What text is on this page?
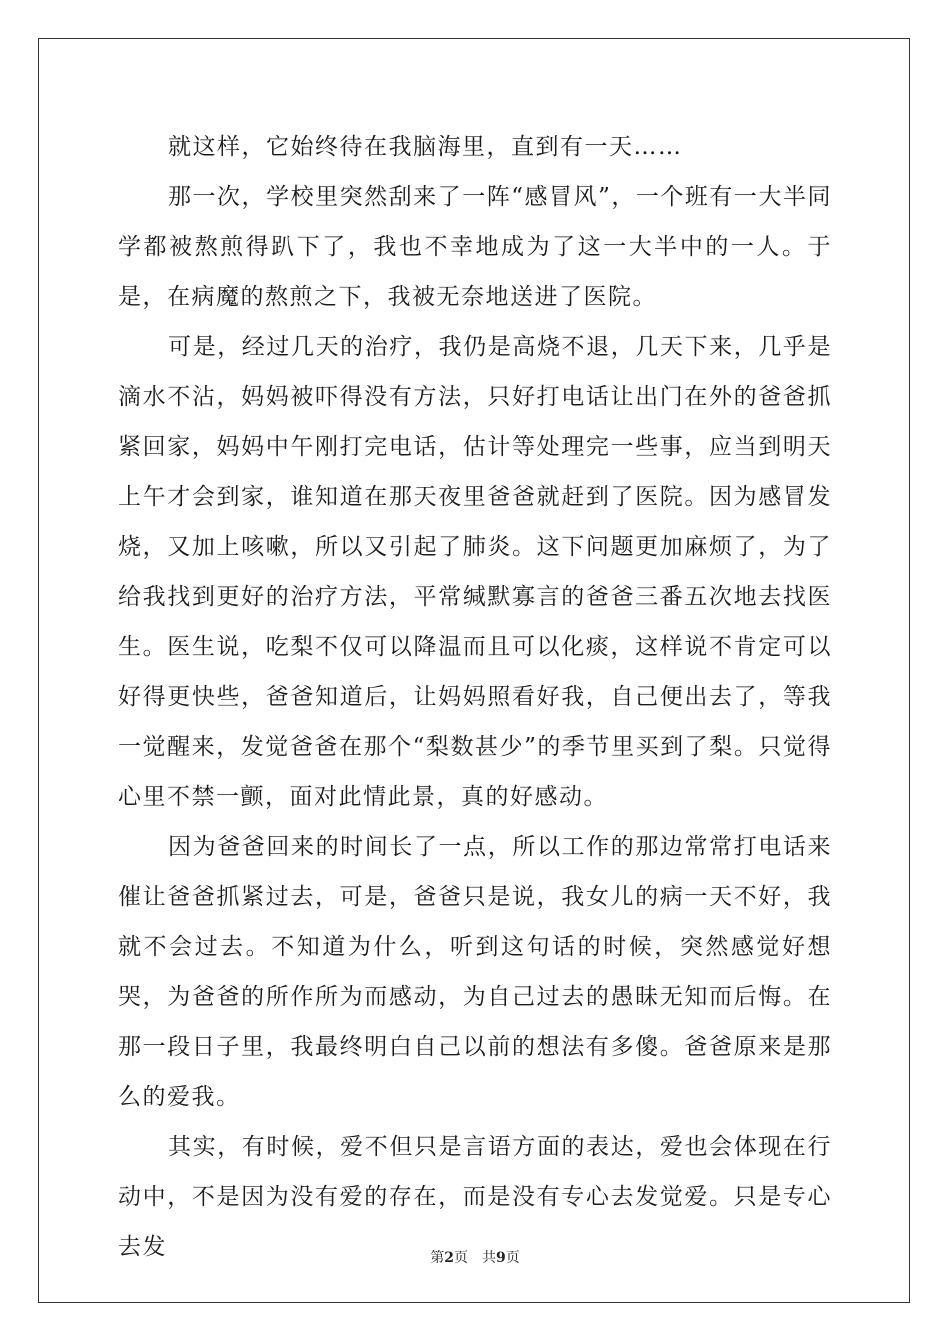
就这样，它始终待在我脑海里，直到有一天……

那一次，学校里突然刮来了一阵“感冒风”，一个班有一大半同学都被熬煎得趴下了，我也不幸地成为了这一大半中的一人。于是，在病魔的熬煎之下，我被无奈地送进了医院。

可是，经过几天的治疗，我仍是高烧不退，几天下来，几乎是滴水不沾，妈妈被吓得没有方法，只好打电话让出门在外的爸爸抓紧回家，妈妈中午刚打完电话，估计等处理完一些事，应当到明天上午才会到家，谁知道在那天夜里爸爸就赶到了医院。因为感冒发烧，又加上咳嗽，所以又引起了肺炎。这下问题更加麻烦了，为了给我找到更好的治疗方法，平常缄默寡言的爸爸三番五次地去找医生。医生说，吃梨不仅可以降温而且可以化痰，这样说不肯定可以好得更快些，爸爸知道后，让妈妈照看好我，自己便出去了，等我一觉醒来，发觉爸爸在那个“梨数甚少”的季节里买到了梨。只觉得心里不禁一颤，面对此情此景，真的好感动。

因为爸爸回来的时间长了一点，所以工作的那边常常打电话来催让爸爸抓紧过去，可是，爸爸只是说，我女儿的病一天不好，我就不会过去。不知道为什么，听到这句话的时候，突然感觉好想哭，为爸爸的所作所为而感动，为自己过去的愚昧无知而后悔。在那一段日子里，我最终明白自己以前的想法有多傻。爸爸原来是那么的爱我。

其实，有时候，爱不但只是言语方面的表达，爱也会体现在行动中，不是因为没有爱的存在，而是没有专心去发觉爱。只是专心去发	第2页 共9页
